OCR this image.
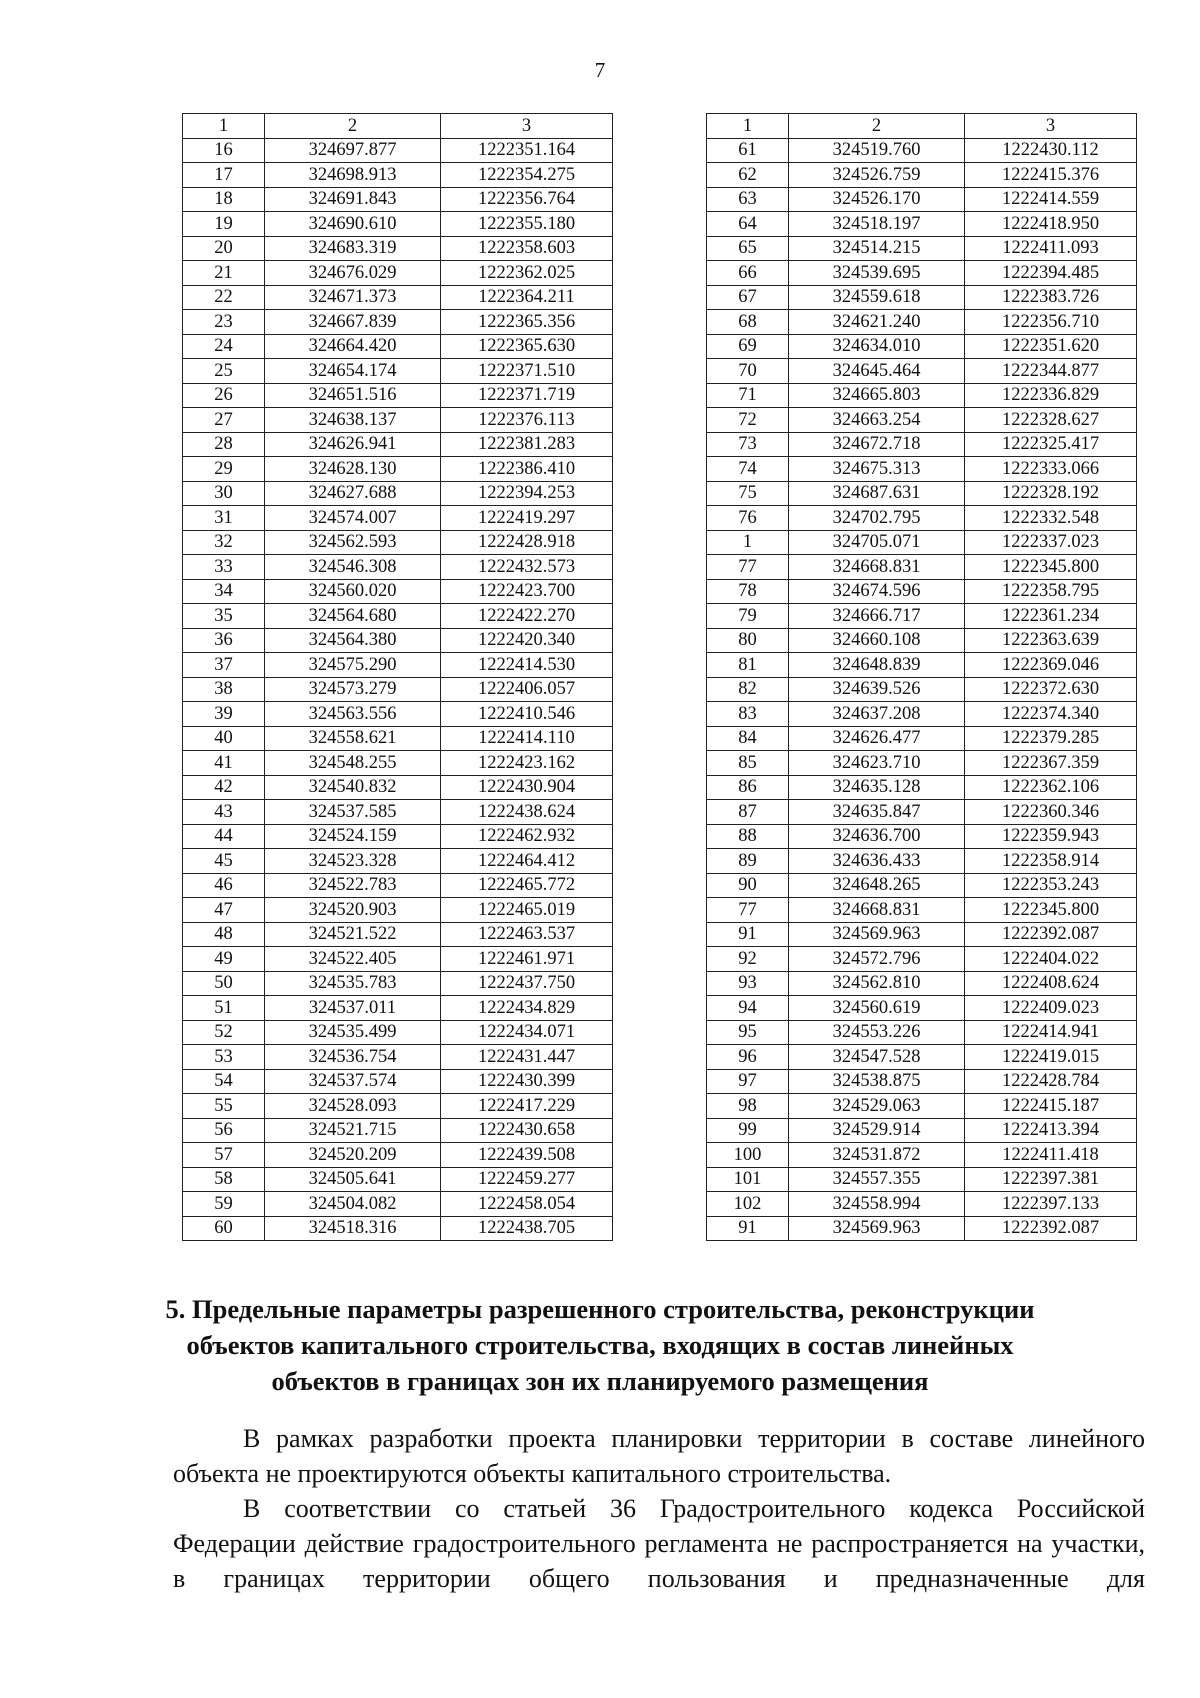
7
1	2	3
16	324697.877	1222351.164
17	324698.913	1222354.275
18	324691.843	1222356.764
19	324690.610	1222355.180
20	324683.319	1222358.603
21	324676.029	1222362.025
22	324671.373	1222364.211
23	324667.839	1222365.356
24	324664.420	1222365.630
25	324654.174	1222371.510
26	324651.516	1222371.719
27	324638.137	1222376.113
28	324626.941	1222381.283
29	324628.130	1222386.410
30	324627.688	1222394.253
31	324574.007	1222419.297
32	324562.593	1222428.918
33	324546.308	1222432.573
34	324560.020	1222423.700
35	324564.680	1222422.270
36	324564.380	1222420.340
37	324575.290	1222414.530
38	324573.279	1222406.057
39	324563.556	1222410.546
40	324558.621	1222414.110
41	324548.255	1222423.162
42	324540.832	1222430.904
43	324537.585	1222438.624
44	324524.159	1222462.932
45	324523.328	1222464.412
46	324522.783	1222465.772
47	324520.903	1222465.019
48	324521.522	1222463.537
49	324522.405	1222461.971
50	324535.783	1222437.750
51	324537.011	1222434.829
52	324535.499	1222434.071
53	324536.754	1222431.447
54	324537.574	1222430.399
55	324528.093	1222417.229
56	324521.715	1222430.658
57	324520.209	1222439.508
58	324505.641	1222459.277
59	324504.082	1222458.054
60	324518.316	1222438.705
1	2	3
61	324519.760	1222430.112
62	324526.759	1222415.376
63	324526.170	1222414.559
64	324518.197	1222418.950
65	324514.215	1222411.093
66	324539.695	1222394.485
67	324559.618	1222383.726
68	324621.240	1222356.710
69	324634.010	1222351.620
70	324645.464	1222344.877
71	324665.803	1222336.829
72	324663.254	1222328.627
73	324672.718	1222325.417
74	324675.313	1222333.066
75	324687.631	1222328.192
76	324702.795	1222332.548
1	324705.071	1222337.023
77	324668.831	1222345.800
78	324674.596	1222358.795
79	324666.717	1222361.234
80	324660.108	1222363.639
81	324648.839	1222369.046
82	324639.526	1222372.630
83	324637.208	1222374.340
84	324626.477	1222379.285
85	324623.710	1222367.359
86	324635.128	1222362.106
87	324635.847	1222360.346
88	324636.700	1222359.943
89	324636.433	1222358.914
90	324648.265	1222353.243
77	324668.831	1222345.800
91	324569.963	1222392.087
92	324572.796	1222404.022
93	324562.810	1222408.624
94	324560.619	1222409.023
95	324553.226	1222414.941
96	324547.528	1222419.015
97	324538.875	1222428.784
98	324529.063	1222415.187
99	324529.914	1222413.394
100	324531.872	1222411.418
101	324557.355	1222397.381
102	324558.994	1222397.133
91	324569.963	1222392.087
5. Предельные параметры разрешенного строительства, реконструкции
объектов капитального строительства, входящих в состав линейных
объектов в границах зон их планируемого размещения

В рамках разработки проекта планировки территории в составе линейного объекта не проектируются объекты капитального строительства.

В соответствии со статьей 36 Градостроительного кодекса Российской Федерации действие градостроительного регламента не распространяется на участки, в границах территории общего пользования и предназначенные для
